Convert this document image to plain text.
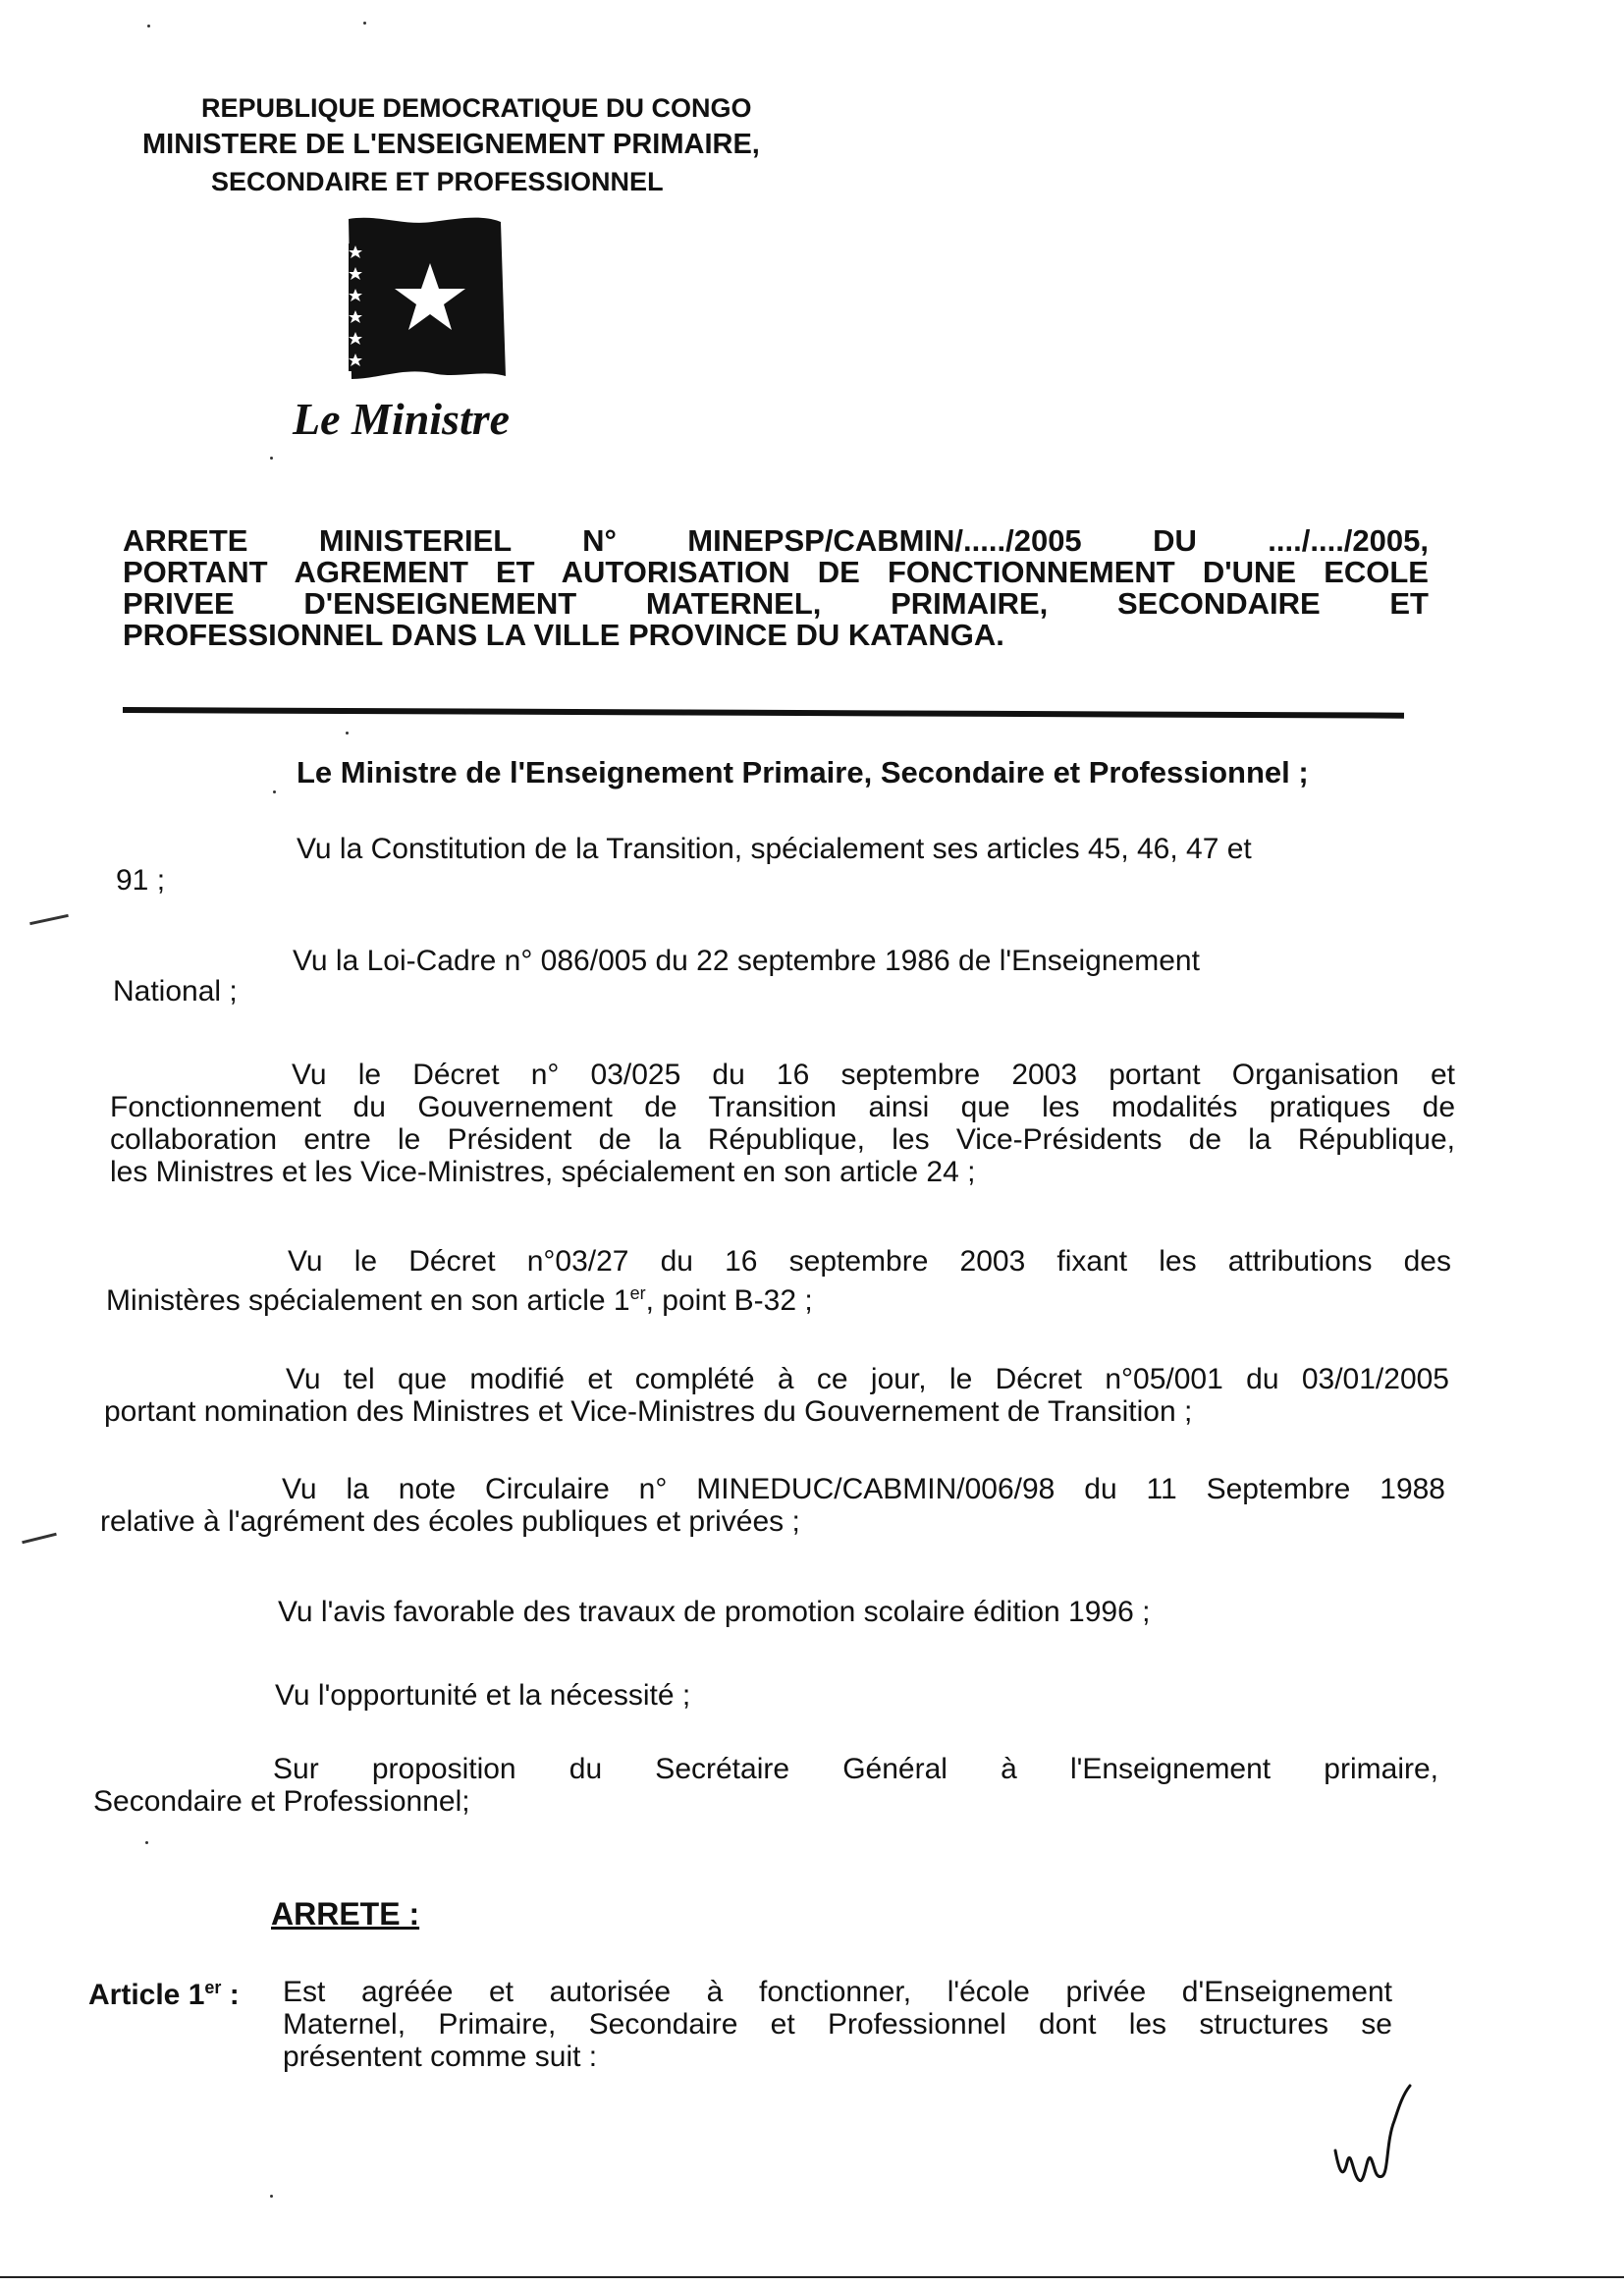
REPUBLIQUE DEMOCRATIQUE DU CONGO
MINISTERE DE L'ENSEIGNEMENT PRIMAIRE,
SECONDAIRE ET PROFESSIONNEL
Le Ministre
ARRETE MINISTERIEL N° MINEPSP/CABMIN/...../2005 DU ..../..../2005,
PORTANT AGREMENT ET AUTORISATION DE FONCTIONNEMENT D'UNE ECOLE
PRIVEE D'ENSEIGNEMENT MATERNEL, PRIMAIRE, SECONDAIRE ET
PROFESSIONNEL DANS LA VILLE PROVINCE DU KATANGA.
Le Ministre de l'Enseignement Primaire, Secondaire et Professionnel ;
Vu la Constitution de la Transition, spécialement ses articles 45, 46, 47 et
91 ;
Vu la Loi-Cadre n° 086/005 du 22 septembre 1986 de l'Enseignement
National ;
Vu le Décret n° 03/025 du 16 septembre 2003 portant Organisation et
Fonctionnement du Gouvernement de Transition ainsi que les modalités pratiques de
collaboration entre le Président de la République, les Vice-Présidents de la République,
les Ministres et les Vice-Ministres, spécialement en son article 24 ;
Vu le Décret n°03/27 du 16 septembre 2003 fixant les attributions des
Ministères spécialement en son article 1er, point B-32 ;
Vu tel que modifié et complété à ce jour, le Décret n°05/001 du 03/01/2005
portant nomination des Ministres et Vice-Ministres du Gouvernement de Transition ;
Vu la note Circulaire n° MINEDUC/CABMIN/006/98 du 11 Septembre 1988
relative à l'agrément des écoles publiques et privées ;
Vu l'avis favorable des travaux de promotion scolaire édition 1996 ;
Vu l'opportunité et la nécessité ;
Sur proposition du Secrétaire Général à l'Enseignement primaire,
Secondaire et Professionnel;
ARRETE :
Article 1er : Est agréée et autorisée à fonctionner, l'école privée d'Enseignement
Maternel, Primaire, Secondaire et Professionnel dont les structures se
présentent comme suit :
